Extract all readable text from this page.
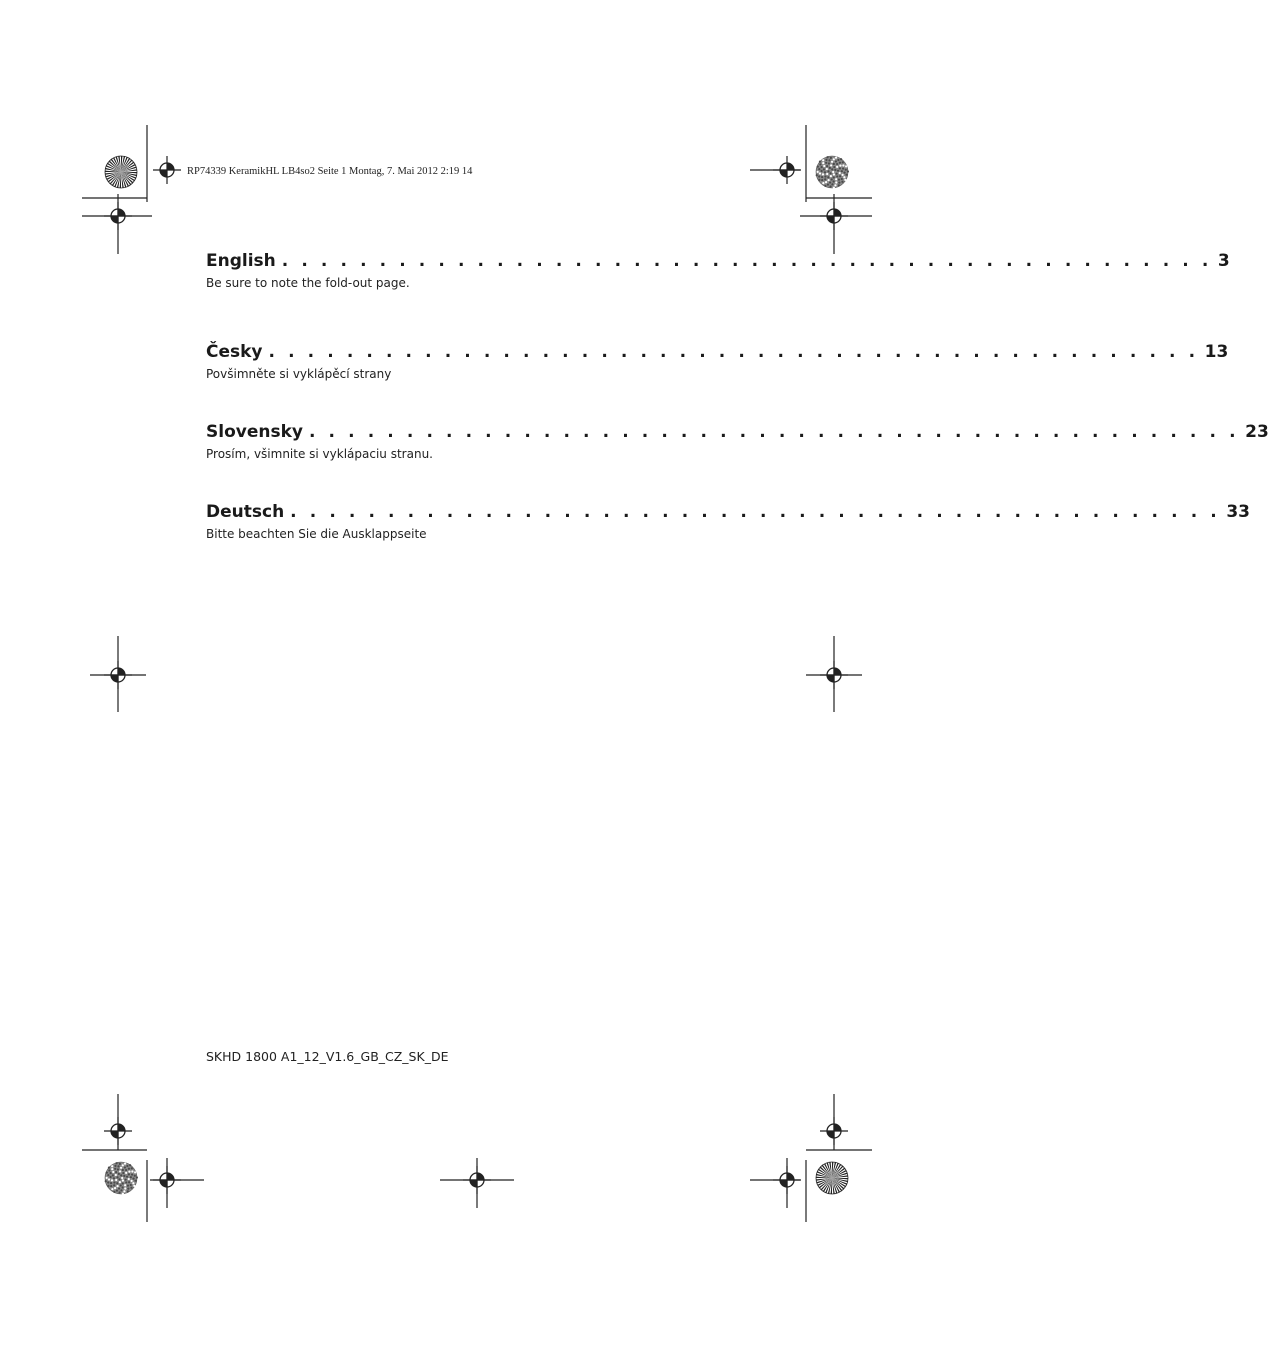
RP74339 KeramikHL LB4so2 Seite 1 Montag, 7. Mai 2012 2:19 14
English . . . . . . . . . . . . . . . . . . . . . . . . . . . . . . . . . . . . . . . . . . . . . . . . 3
Be sure to note the fold-out page.
Česky . . . . . . . . . . . . . . . . . . . . . . . . . . . . . . . . . . . . . . . . . . . . . . . . 13
Povšimněte si vyklápěcí strany
Slovensky . . . . . . . . . . . . . . . . . . . . . . . . . . . . . . . . . . . . . . . . . . . . . . . . 23
Prosím, všimnite si vyklápaciu stranu.
Deutsch . . . . . . . . . . . . . . . . . . . . . . . . . . . . . . . . . . . . . . . . . . . . . . . . 33
Bitte beachten Sie die Ausklappseite
SKHD 1800 A1_12_V1.6_GB_CZ_SK_DE
